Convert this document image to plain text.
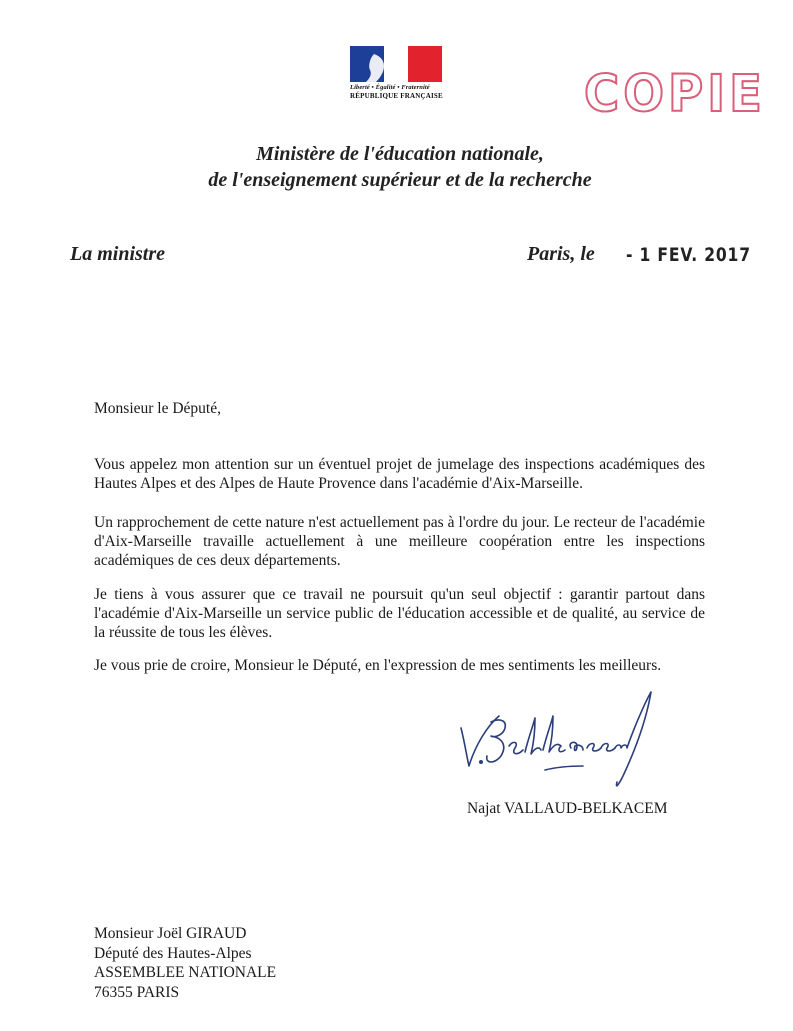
Liberté • Égalité • Fraternité
RÉPUBLIQUE FRANÇAISE	COPIE
Ministère de l'éducation nationale,
de l'enseignement supérieur et de la recherche
La ministre	Paris, le - 1 FEV. 2017
Monsieur le Député,
Vous appelez mon attention sur un éventuel projet de jumelage des inspections académiques des Hautes Alpes et des Alpes de Haute Provence dans l'académie d'Aix-Marseille.
Un rapprochement de cette nature n'est actuellement pas à l'ordre du jour. Le recteur de l'académie d'Aix-Marseille travaille actuellement à une meilleure coopération entre les inspections académiques de ces deux départements.
Je tiens à vous assurer que ce travail ne poursuit qu'un seul objectif : garantir partout dans l'académie d'Aix-Marseille un service public de l'éducation accessible et de qualité, au service de la réussite de tous les élèves.
Je vous prie de croire, Monsieur le Député, en l'expression de mes sentiments les meilleurs.
Najat VALLAUD-BELKACEM
Monsieur Joël GIRAUD
Député des Hautes-Alpes
ASSEMBLEE NATIONALE
76355 PARIS
